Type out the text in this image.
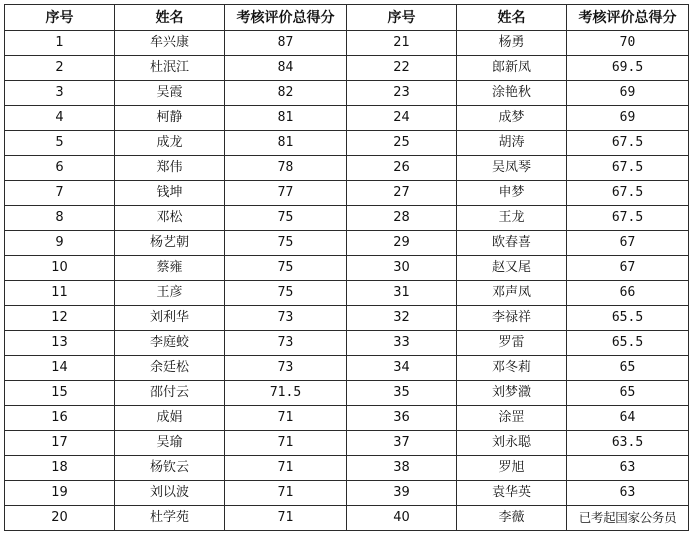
序号	姓名	考核评价总得分	序号	姓名	考核评价总得分
1	牟兴康	87	21	杨勇	70
2	杜泯江	84	22	郎新凤	69.5
3	吴霞	82	23	涂艳秋	69
4	柯静	81	24	成梦	69
5	成龙	81	25	胡涛	67.5
6	郑伟	78	26	吴凤琴	67.5
7	钱坤	77	27	申梦	67.5
8	邓松	75	28	王龙	67.5
9	杨艺朝	75	29	欧春喜	67
10	蔡雍	75	30	赵又尾	67
11	王彦	75	31	邓声凤	66
12	刘利华	73	32	李禄祥	65.5
13	李庭蛟	73	33	罗雷	65.5
14	余廷松	73	34	邓冬莉	65
15	邵付云	71.5	35	刘梦瀓	65
16	成娟	71	36	涂罡	64
17	吴瑜	71	37	刘永聪	63.5
18	杨钦云	71	38	罗旭	63
19	刘以波	71	39	袁华英	63
20	杜学苑	71	40	李薇	已考起国家公务员
